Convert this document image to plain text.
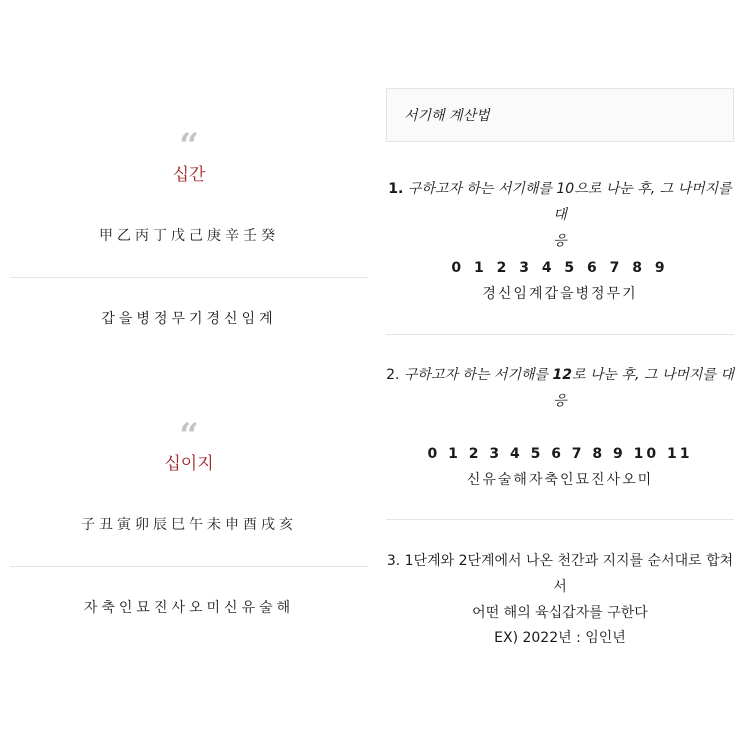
“
십간
甲乙丙丁戊己庚辛壬癸
갑을병정무기경신임계
“
십이지
子丑寅卯辰巳午未申酉戌亥
자축인묘진사오미신유술해
서기해 계산법
1. 구하고자 하는 서기해를 10으로 나눈 후, 그 나머지를 대
응
0 1 2 3 4 5 6 7 8 9
경신임계갑을병정무기
2. 구하고자 하는 서기해를 12로 나눈 후, 그 나머지를 대응
0 1 2 3 4 5 6 7 8 9 10 11
신유술해자축인묘진사오미
3. 1단계와 2단계에서 나온 천간과 지지를 순서대로 합쳐서
어떤 해의 육십갑자를 구한다
EX) 2022년 : 임인년
